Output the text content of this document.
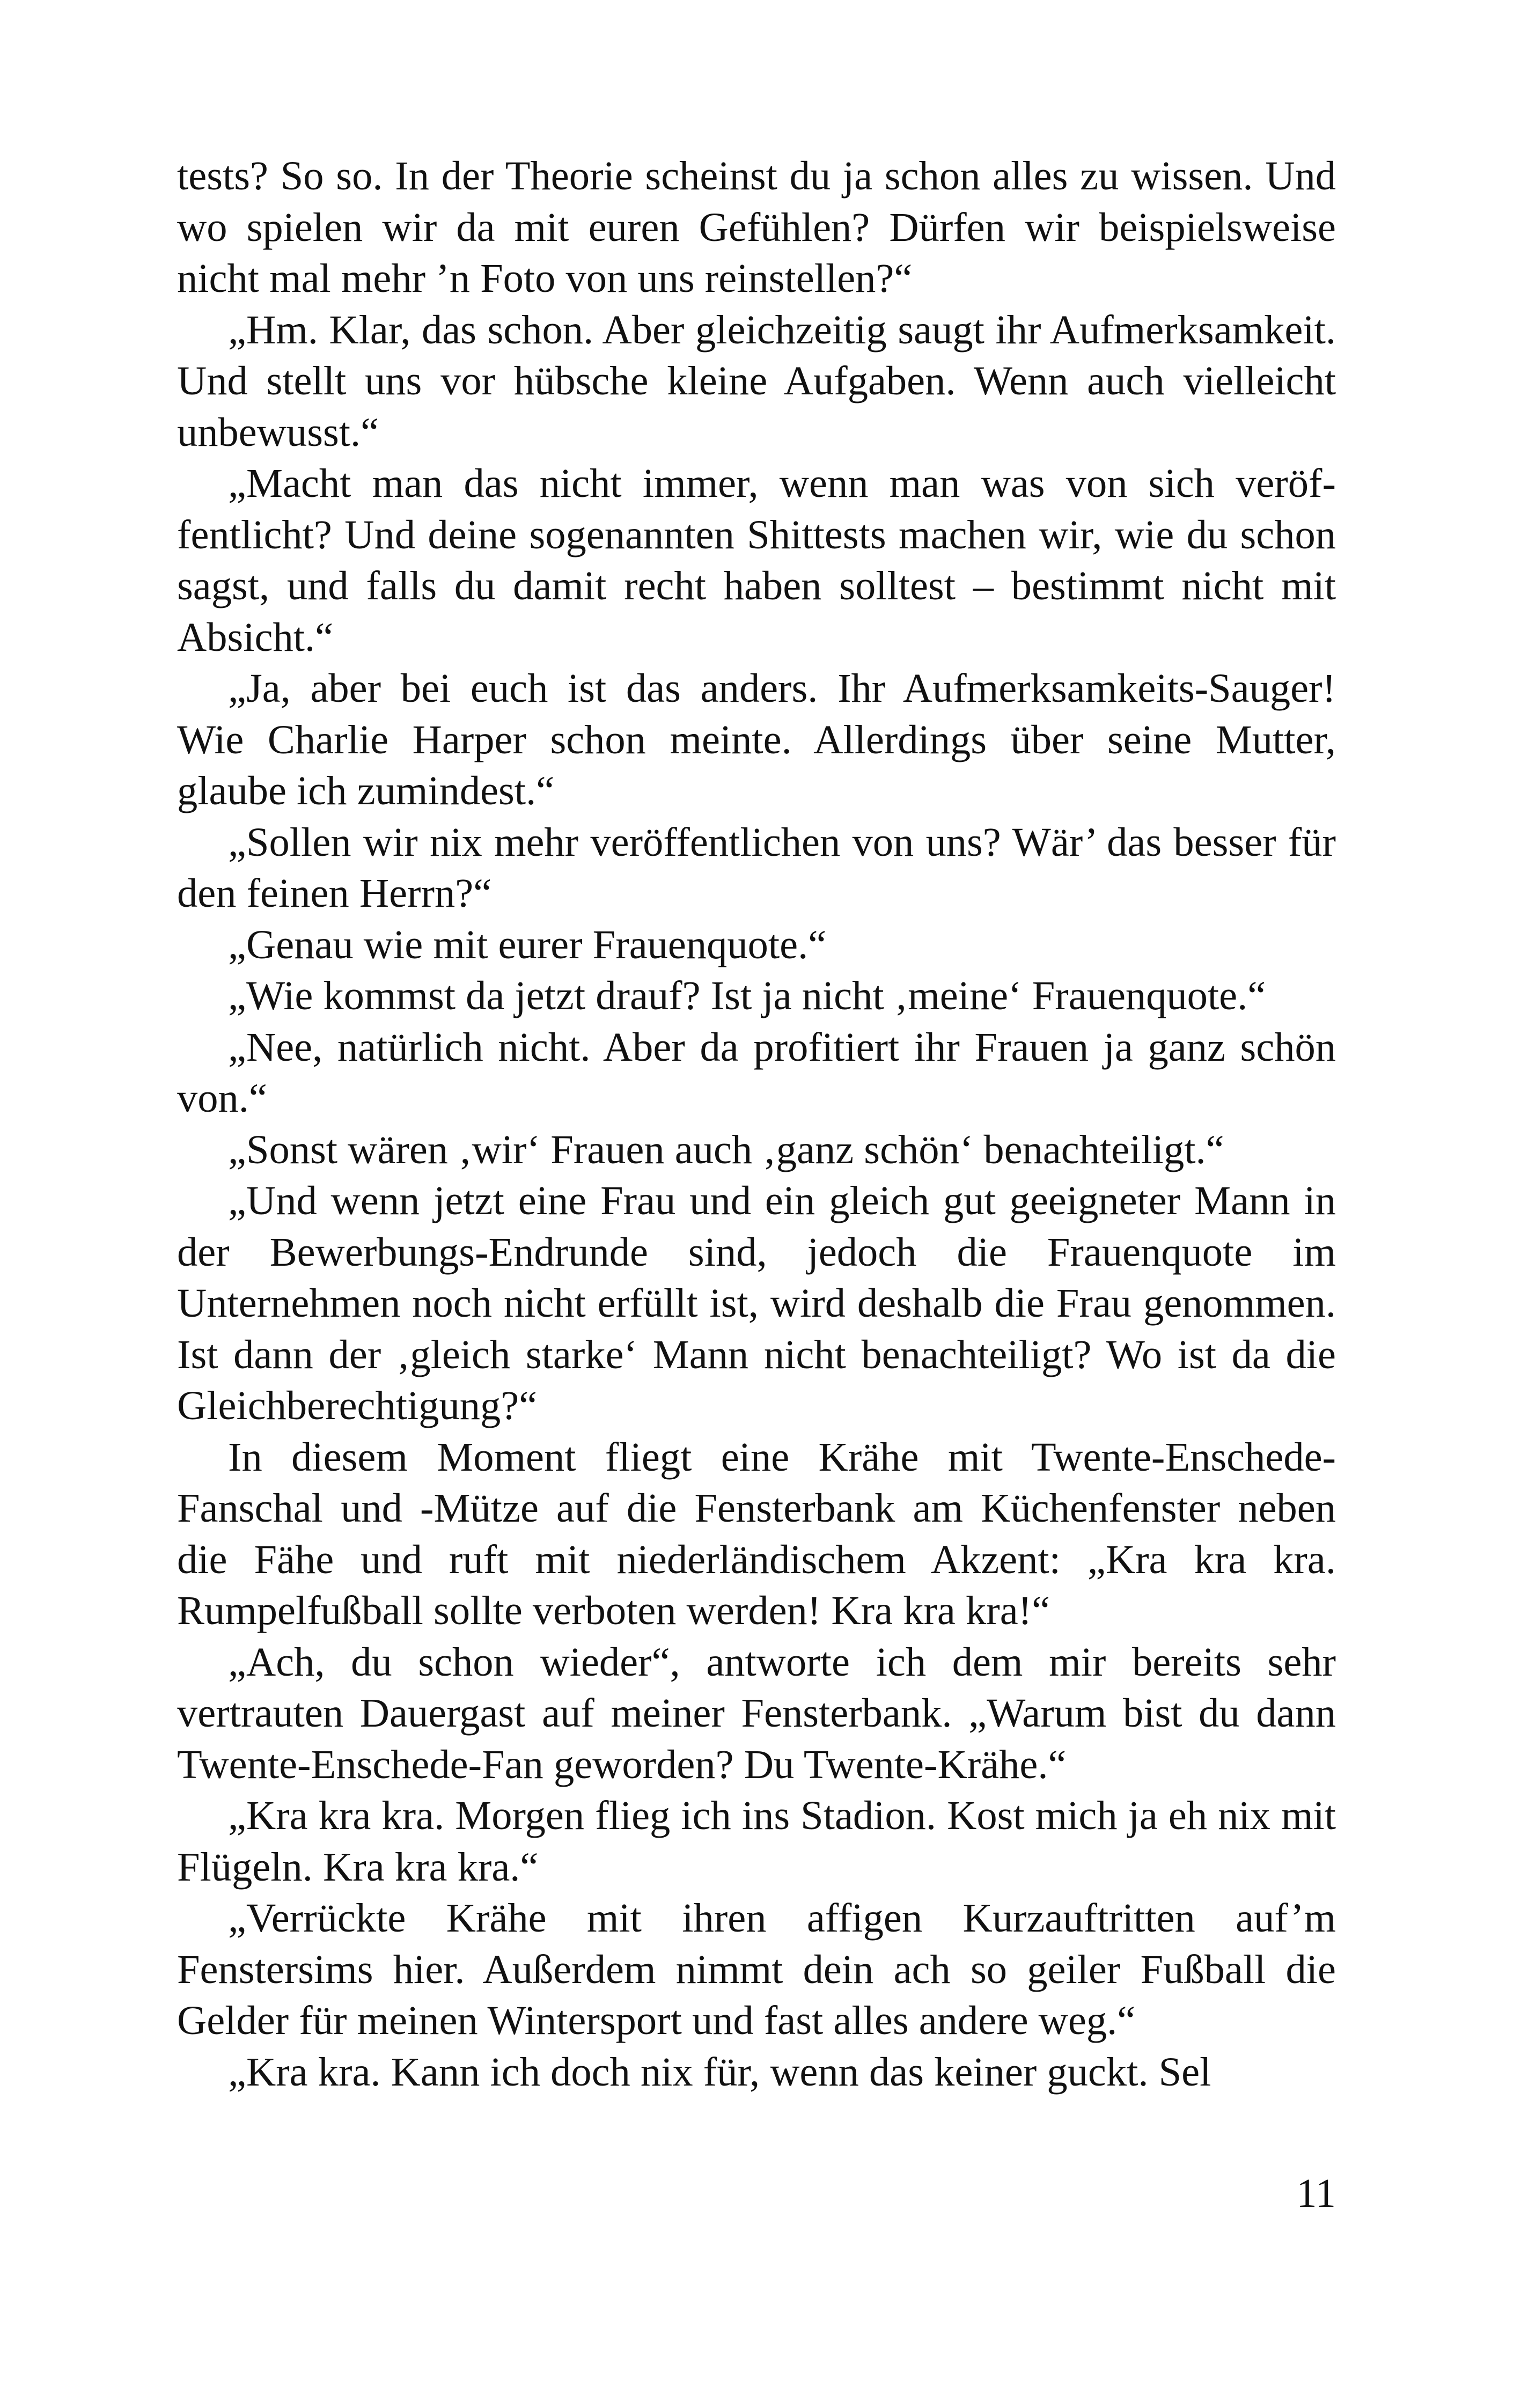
tests? So so. In der Theorie scheinst du ja schon alles zu wissen. Und wo spielen wir da mit euren Gefühlen? Dürfen wir beispielsweise nicht mal mehr ’n Foto von uns reinstellen?“

„Hm. Klar, das schon. Aber gleichzeitig saugt ihr Aufmerksamkeit. Und stellt uns vor hübsche kleine Aufgaben. Wenn auch vielleicht unbewusst.“

„Macht man das nicht immer, wenn man was von sich veröffentlicht? Und deine sogenannten Shittests machen wir, wie du schon sagst, und falls du damit recht haben solltest – bestimmt nicht mit Absicht.“

„Ja, aber bei euch ist das anders. Ihr Aufmerksamkeits-Sauger! Wie Charlie Harper schon meinte. Allerdings über seine Mutter, glaube ich zumindest.“

„Sollen wir nix mehr veröffentlichen von uns? Wär’ das besser für den feinen Herrn?“

„Genau wie mit eurer Frauenquote.“

„Wie kommst da jetzt drauf? Ist ja nicht ‚meine‘ Frauenquote.“

„Nee, natürlich nicht. Aber da profitiert ihr Frauen ja ganz schön von.“

„Sonst wären ‚wir‘ Frauen auch ‚ganz schön‘ benachteiligt.“

„Und wenn jetzt eine Frau und ein gleich gut geeigneter Mann in der Bewerbungs-Endrunde sind, jedoch die Frauenquote im Unternehmen noch nicht erfüllt ist, wird deshalb die Frau genommen. Ist dann der ‚gleich starke‘ Mann nicht benachteiligt? Wo ist da die Gleichberechtigung?“

In diesem Moment fliegt eine Krähe mit Twente-Enschede-Fanschal und -Mütze auf die Fensterbank am Küchenfenster neben die Fähe und ruft mit niederländischem Akzent: „Kra kra kra. Rumpelfußball sollte verboten werden! Kra kra kra!“

„Ach, du schon wieder“, antworte ich dem mir bereits sehr vertrauten Dauergast auf meiner Fensterbank. „Warum bist du dann Twente-Enschede-Fan geworden? Du Twente-Krähe.“

„Kra kra kra. Morgen flieg ich ins Stadion. Kost mich ja eh nix mit Flügeln. Kra kra kra.“

„Verrückte Krähe mit ihren affigen Kurzauftritten auf’m Fenstersims hier. Außerdem nimmt dein ach so geiler Fußball die Gelder für meinen Wintersport und fast alles andere weg.“

„Kra kra. Kann ich doch nix für, wenn das keiner guckt. Sel

11
